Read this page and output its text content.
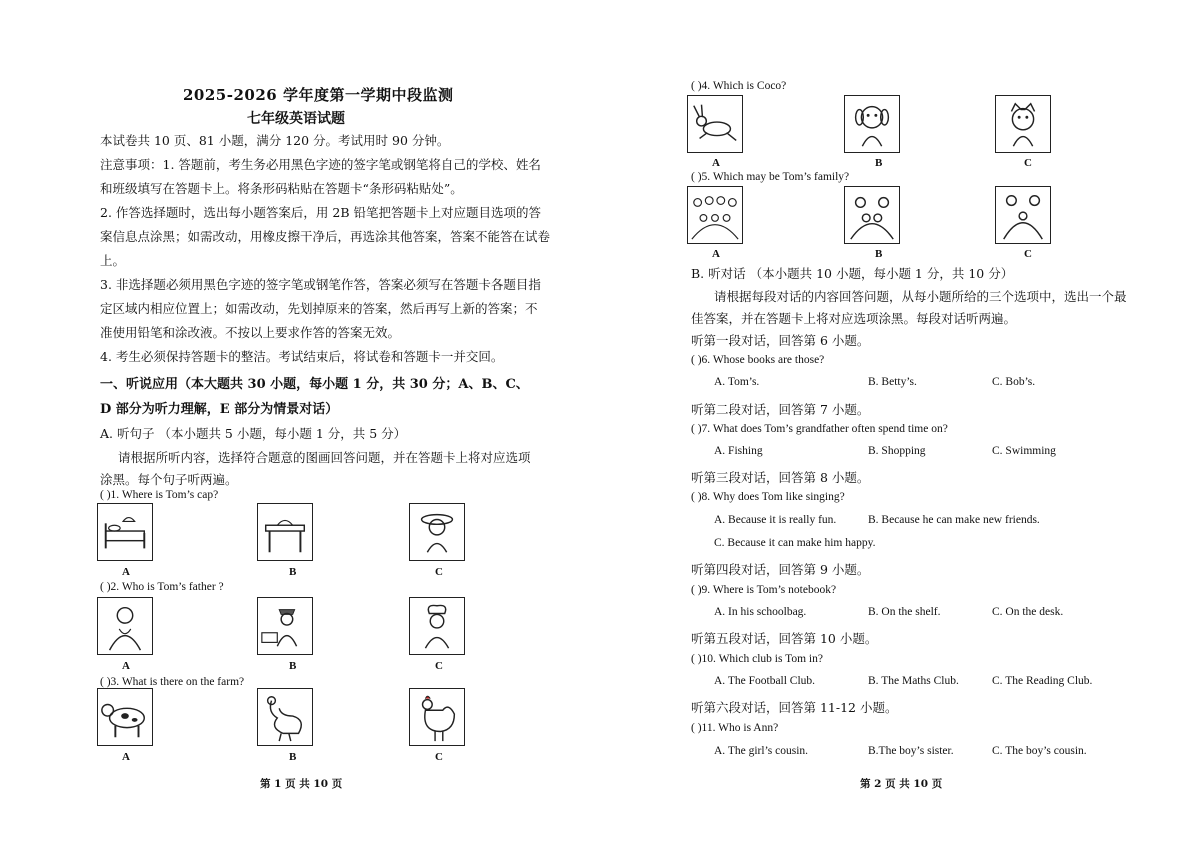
2025-2026 学年度第一学期中段监测
七年级英语试题
本试卷共 10 页、81 小题，满分 120 分。考试用时 90 分钟。
注意事项：1. 答题前，考生务必用黑色字迹的签字笔或钢笔将自己的学校、姓名
和班级填写在答题卡上。将条形码粘贴在答题卡“条形码粘贴处”。
2. 作答选择题时，选出每小题答案后，用 2B 铅笔把答题卡上对应题目选项的答
案信息点涂黑；如需改动，用橡皮擦干净后，再选涂其他答案，答案不能答在试卷
上。
3. 非选择题必须用黑色字迹的签字笔或钢笔作答，答案必须写在答题卡各题目指
定区域内相应位置上；如需改动，先划掉原来的答案，然后再写上新的答案；不
准使用铅笔和涂改液。不按以上要求作答的答案无效。
4. 考生必须保持答题卡的整洁。考试结束后，将试卷和答题卡一并交回。
一、听说应用（本大题共 30 小题，每小题 1 分，共 30 分；A、B、C、
D 部分为听力理解，E 部分为情景对话）
A. 听句子 （本小题共 5 小题，每小题 1 分，共 5 分）
请根据所听内容，选择符合题意的图画回答问题，并在答题卡上将对应选项
涂黑。每个句子听两遍。
( )1. Where is Tom’s cap?
A	B	C
( )2. Who is Tom’s father ?
A	B	C
( )3. What is there on the farm?
A	B	C
第 1 页 共 10 页
( )4. Which is Coco?
A	B	C
( )5. Which may be Tom’s family?
A	B	C
B. 听对话 （本小题共 10 小题，每小题 1 分，共 10 分）
请根据每段对话的内容回答问题，从每小题所给的三个选项中，选出一个最
佳答案，并在答题卡上将对应选项涂黑。每段对话听两遍。
听第一段对话，回答第 6 小题。
( )6. Whose books are those?
A. Tom’s.	B. Betty’s.	C. Bob’s.
听第二段对话，回答第 7 小题。
( )7. What does Tom’s grandfather often spend time on?
A. Fishing	B. Shopping	C. Swimming
听第三段对话，回答第 8 小题。
( )8. Why does Tom like singing?
A. Because it is really fun.	B. Because he can make new friends.
C. Because it can make him happy.
听第四段对话，回答第 9 小题。
( )9. Where is Tom’s notebook?
A. In his schoolbag.	B. On the shelf.	C. On the desk.
听第五段对话，回答第 10 小题。
( )10. Which club is Tom in?
A. The Football Club.	B. The Maths Club.	C. The Reading Club.
听第六段对话，回答第 11-12 小题。
( )11. Who is Ann?
A. The girl’s cousin.	B.The boy’s sister.	C. The boy’s cousin.
第 2 页 共 10 页
